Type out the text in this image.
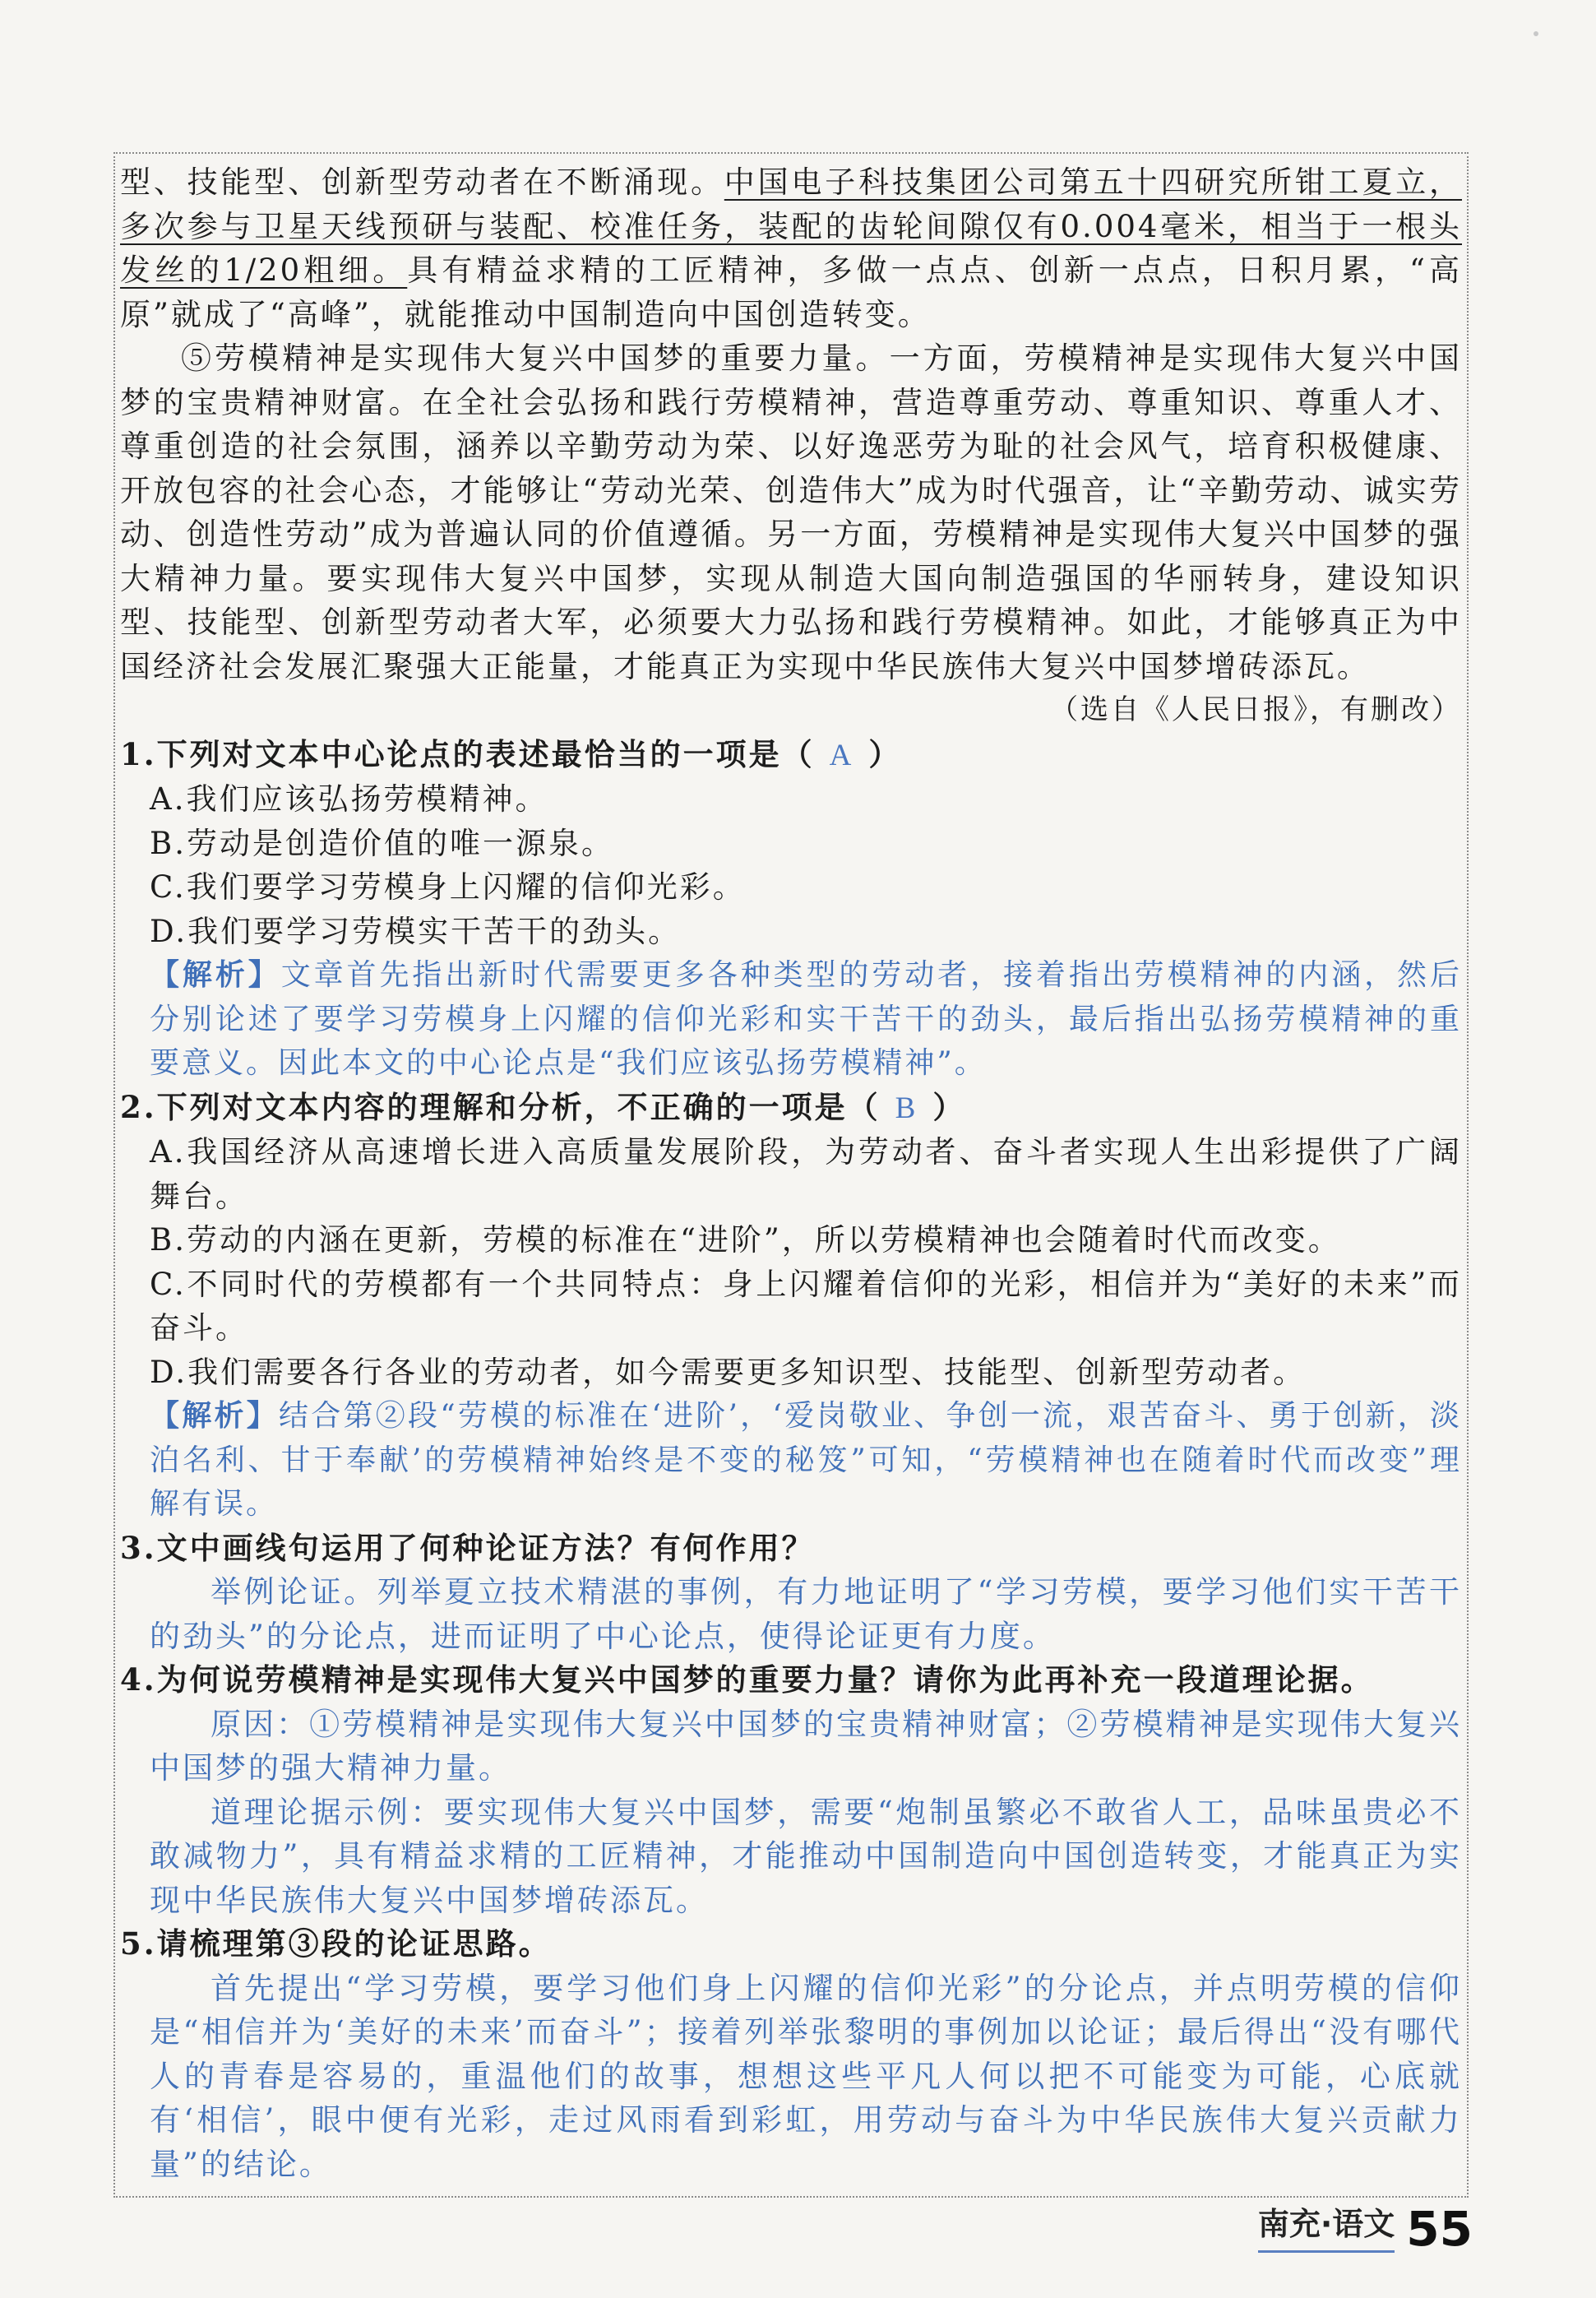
型、技能型、创新型劳动者在不断涌现。中国电子科技集团公司第五十四研究所钳工夏立，多次参与卫星天线预研与装配、校准任务，装配的齿轮间隙仅有0.004毫米，相当于一根头发丝的1/20粗细。具有精益求精的工匠精神，多做一点点、创新一点点，日积月累，“高原”就成了“高峰”，就能推动中国制造向中国创造转变。

⑤劳模精神是实现伟大复兴中国梦的重要力量。一方面，劳模精神是实现伟大复兴中国梦的宝贵精神财富。在全社会弘扬和践行劳模精神，营造尊重劳动、尊重知识、尊重人才、尊重创造的社会氛围，涵养以辛勤劳动为荣、以好逸恶劳为耻的社会风气，培育积极健康、开放包容的社会心态，才能够让“劳动光荣、创造伟大”成为时代强音，让“辛勤劳动、诚实劳动、创造性劳动”成为普遍认同的价值遵循。另一方面，劳模精神是实现伟大复兴中国梦的强大精神力量。要实现伟大复兴中国梦，实现从制造大国向制造强国的华丽转身，建设知识型、技能型、创新型劳动者大军，必须要大力弘扬和践行劳模精神。如此，才能够真正为中国经济社会发展汇聚强大正能量，才能真正为实现中华民族伟大复兴中国梦增砖添瓦。

（选自《人民日报》，有删改）

1.下列对文本中心论点的表述最恰当的一项是（ A ）

A.我们应该弘扬劳模精神。

B.劳动是创造价值的唯一源泉。

C.我们要学习劳模身上闪耀的信仰光彩。

D.我们要学习劳模实干苦干的劲头。

【解析】文章首先指出新时代需要更多各种类型的劳动者，接着指出劳模精神的内涵，然后分别论述了要学习劳模身上闪耀的信仰光彩和实干苦干的劲头，最后指出弘扬劳模精神的重要意义。因此本文的中心论点是“我们应该弘扬劳模精神”。

2.下列对文本内容的理解和分析，不正确的一项是（ B ）

A.我国经济从高速增长进入高质量发展阶段，为劳动者、奋斗者实现人生出彩提供了广阔舞台。

B.劳动的内涵在更新，劳模的标准在“进阶”，所以劳模精神也会随着时代而改变。

C.不同时代的劳模都有一个共同特点：身上闪耀着信仰的光彩，相信并为“美好的未来”而奋斗。

D.我们需要各行各业的劳动者，如今需要更多知识型、技能型、创新型劳动者。

【解析】结合第②段“劳模的标准在‘进阶’，‘爱岗敬业、争创一流，艰苦奋斗、勇于创新，淡泊名利、甘于奉献’的劳模精神始终是不变的秘笈”可知，“劳模精神也在随着时代而改变”理解有误。

3.文中画线句运用了何种论证方法？有何作用？

举例论证。列举夏立技术精湛的事例，有力地证明了“学习劳模，要学习他们实干苦干的劲头”的分论点，进而证明了中心论点，使得论证更有力度。

4.为何说劳模精神是实现伟大复兴中国梦的重要力量？请你为此再补充一段道理论据。

原因：①劳模精神是实现伟大复兴中国梦的宝贵精神财富；②劳模精神是实现伟大复兴中国梦的强大精神力量。

道理论据示例：要实现伟大复兴中国梦，需要“炮制虽繁必不敢省人工，品味虽贵必不敢减物力”，具有精益求精的工匠精神，才能推动中国制造向中国创造转变，才能真正为实现中华民族伟大复兴中国梦增砖添瓦。

5.请梳理第③段的论证思路。

首先提出“学习劳模，要学习他们身上闪耀的信仰光彩”的分论点，并点明劳模的信仰是“相信并为‘美好的未来’而奋斗”；接着列举张黎明的事例加以论证；最后得出“没有哪代人的青春是容易的，重温他们的故事，想想这些平凡人何以把不可能变为可能，心底就有‘相信’，眼中便有光彩，走过风雨看到彩虹，用劳动与奋斗为中华民族伟大复兴贡献力量”的结论。

南充·语文 55
